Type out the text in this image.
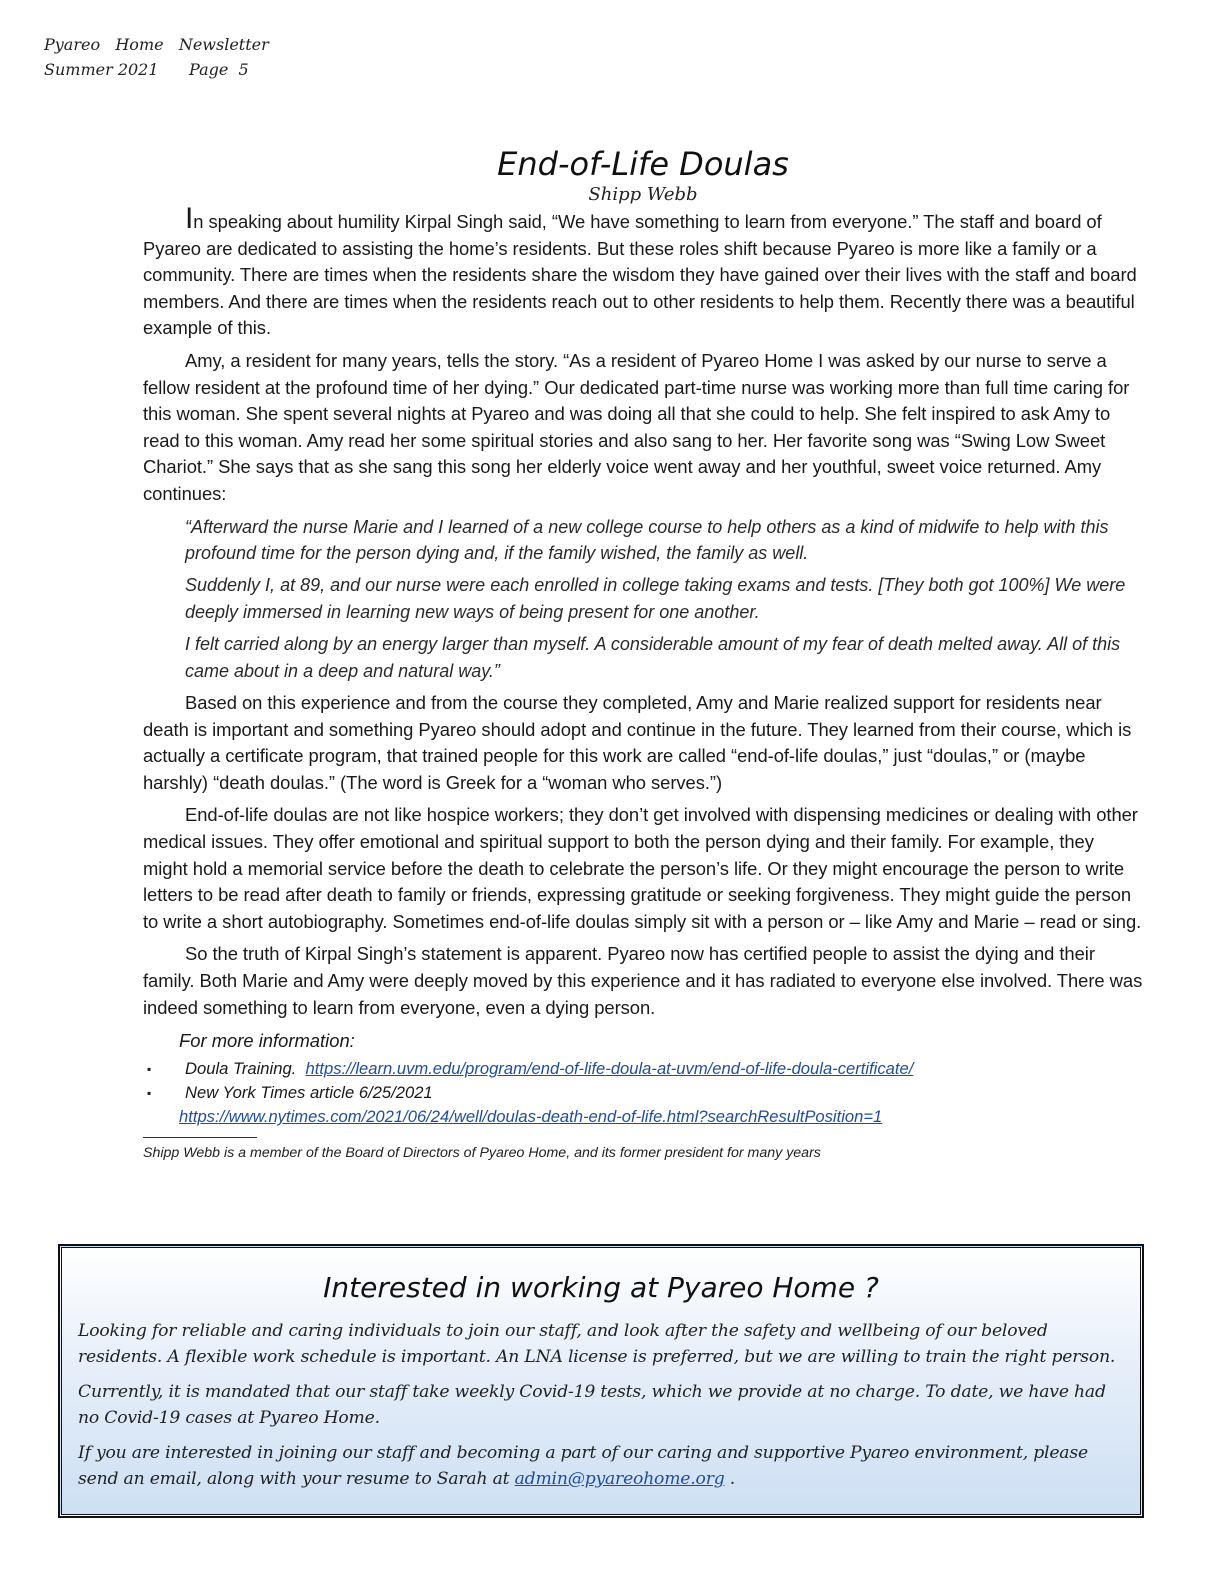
Pyareo   Home   Newsletter
Summer 2021      Page  5
End-of-Life Doulas
Shipp Webb

In speaking about humility Kirpal Singh said, “We have something to learn from everyone.” The staff and board of Pyareo are dedicated to assisting the home’s residents. But these roles shift because Pyareo is more like a family or a community. There are times when the residents share the wisdom they have gained over their lives with the staff and board members. And there are times when the residents reach out to other residents to help them. Recently there was a beautiful example of this.

Amy, a resident for many years, tells the story. “As a resident of Pyareo Home I was asked by our nurse to serve a fellow resident at the profound time of her dying.” Our dedicated part-time nurse was working more than full time caring for this woman. She spent several nights at Pyareo and was doing all that she could to help. She felt inspired to ask Amy to read to this woman. Amy read her some spiritual stories and also sang to her. Her favorite song was “Swing Low Sweet Chariot.” She says that as she sang this song her elderly voice went away and her youthful, sweet voice returned. Amy continues:

“Afterward the nurse Marie and I learned of a new college course to help others as a kind of midwife to help with this profound time for the person dying and, if the family wished, the family as well.

Suddenly I, at 89, and our nurse were each enrolled in college taking exams and tests. [They both got 100%] We were deeply immersed in learning new ways of being present for one another.

I felt carried along by an energy larger than myself. A considerable amount of my fear of death melted away. All of this came about in a deep and natural way.”

Based on this experience and from the course they completed, Amy and Marie realized support for residents near death is important and something Pyareo should adopt and continue in the future. They learned from their course, which is actually a certificate program, that trained people for this work are called “end-of-life doulas,” just “doulas,” or (maybe harshly) “death doulas.” (The word is Greek for a “woman who serves.”)

End-of-life doulas are not like hospice workers; they don’t get involved with dispensing medicines or dealing with other medical issues. They offer emotional and spiritual support to both the person dying and their family. For example, they might hold a memorial service before the death to celebrate the person’s life. Or they might encourage the person to write letters to be read after death to family or friends, expressing gratitude or seeking forgiveness. They might guide the person to write a short autobiography. Sometimes end-of-life doulas simply sit with a person or – like Amy and Marie – read or sing.

So the truth of Kirpal Singh’s statement is apparent. Pyareo now has certified people to assist the dying and their family. Both Marie and Amy were deeply moved by this experience and it has radiated to everyone else involved. There was indeed something to learn from everyone, even a dying person.

For more information:
▪ Doula Training. https://learn.uvm.edu/program/end-of-life-doula-at-uvm/end-of-life-doula-certificate/
▪ New York Times article 6/25/2021
https://www.nytimes.com/2021/06/24/well/doulas-death-end-of-life.html?searchResultPosition=1
Shipp Webb is a member of the Board of Directors of Pyareo Home, and its former president for many years
Interested in working at Pyareo Home ?

Looking for reliable and caring individuals to join our staff, and look after the safety and wellbeing of our beloved residents. A flexible work schedule is important. An LNA license is preferred, but we are willing to train the right person.

Currently, it is mandated that our staff take weekly Covid-19 tests, which we provide at no charge. To date, we have had no Covid-19 cases at Pyareo Home.

If you are interested in joining our staff and becoming a part of our caring and supportive Pyareo environment, please send an email, along with your resume to Sarah at admin@pyareohome.org .
